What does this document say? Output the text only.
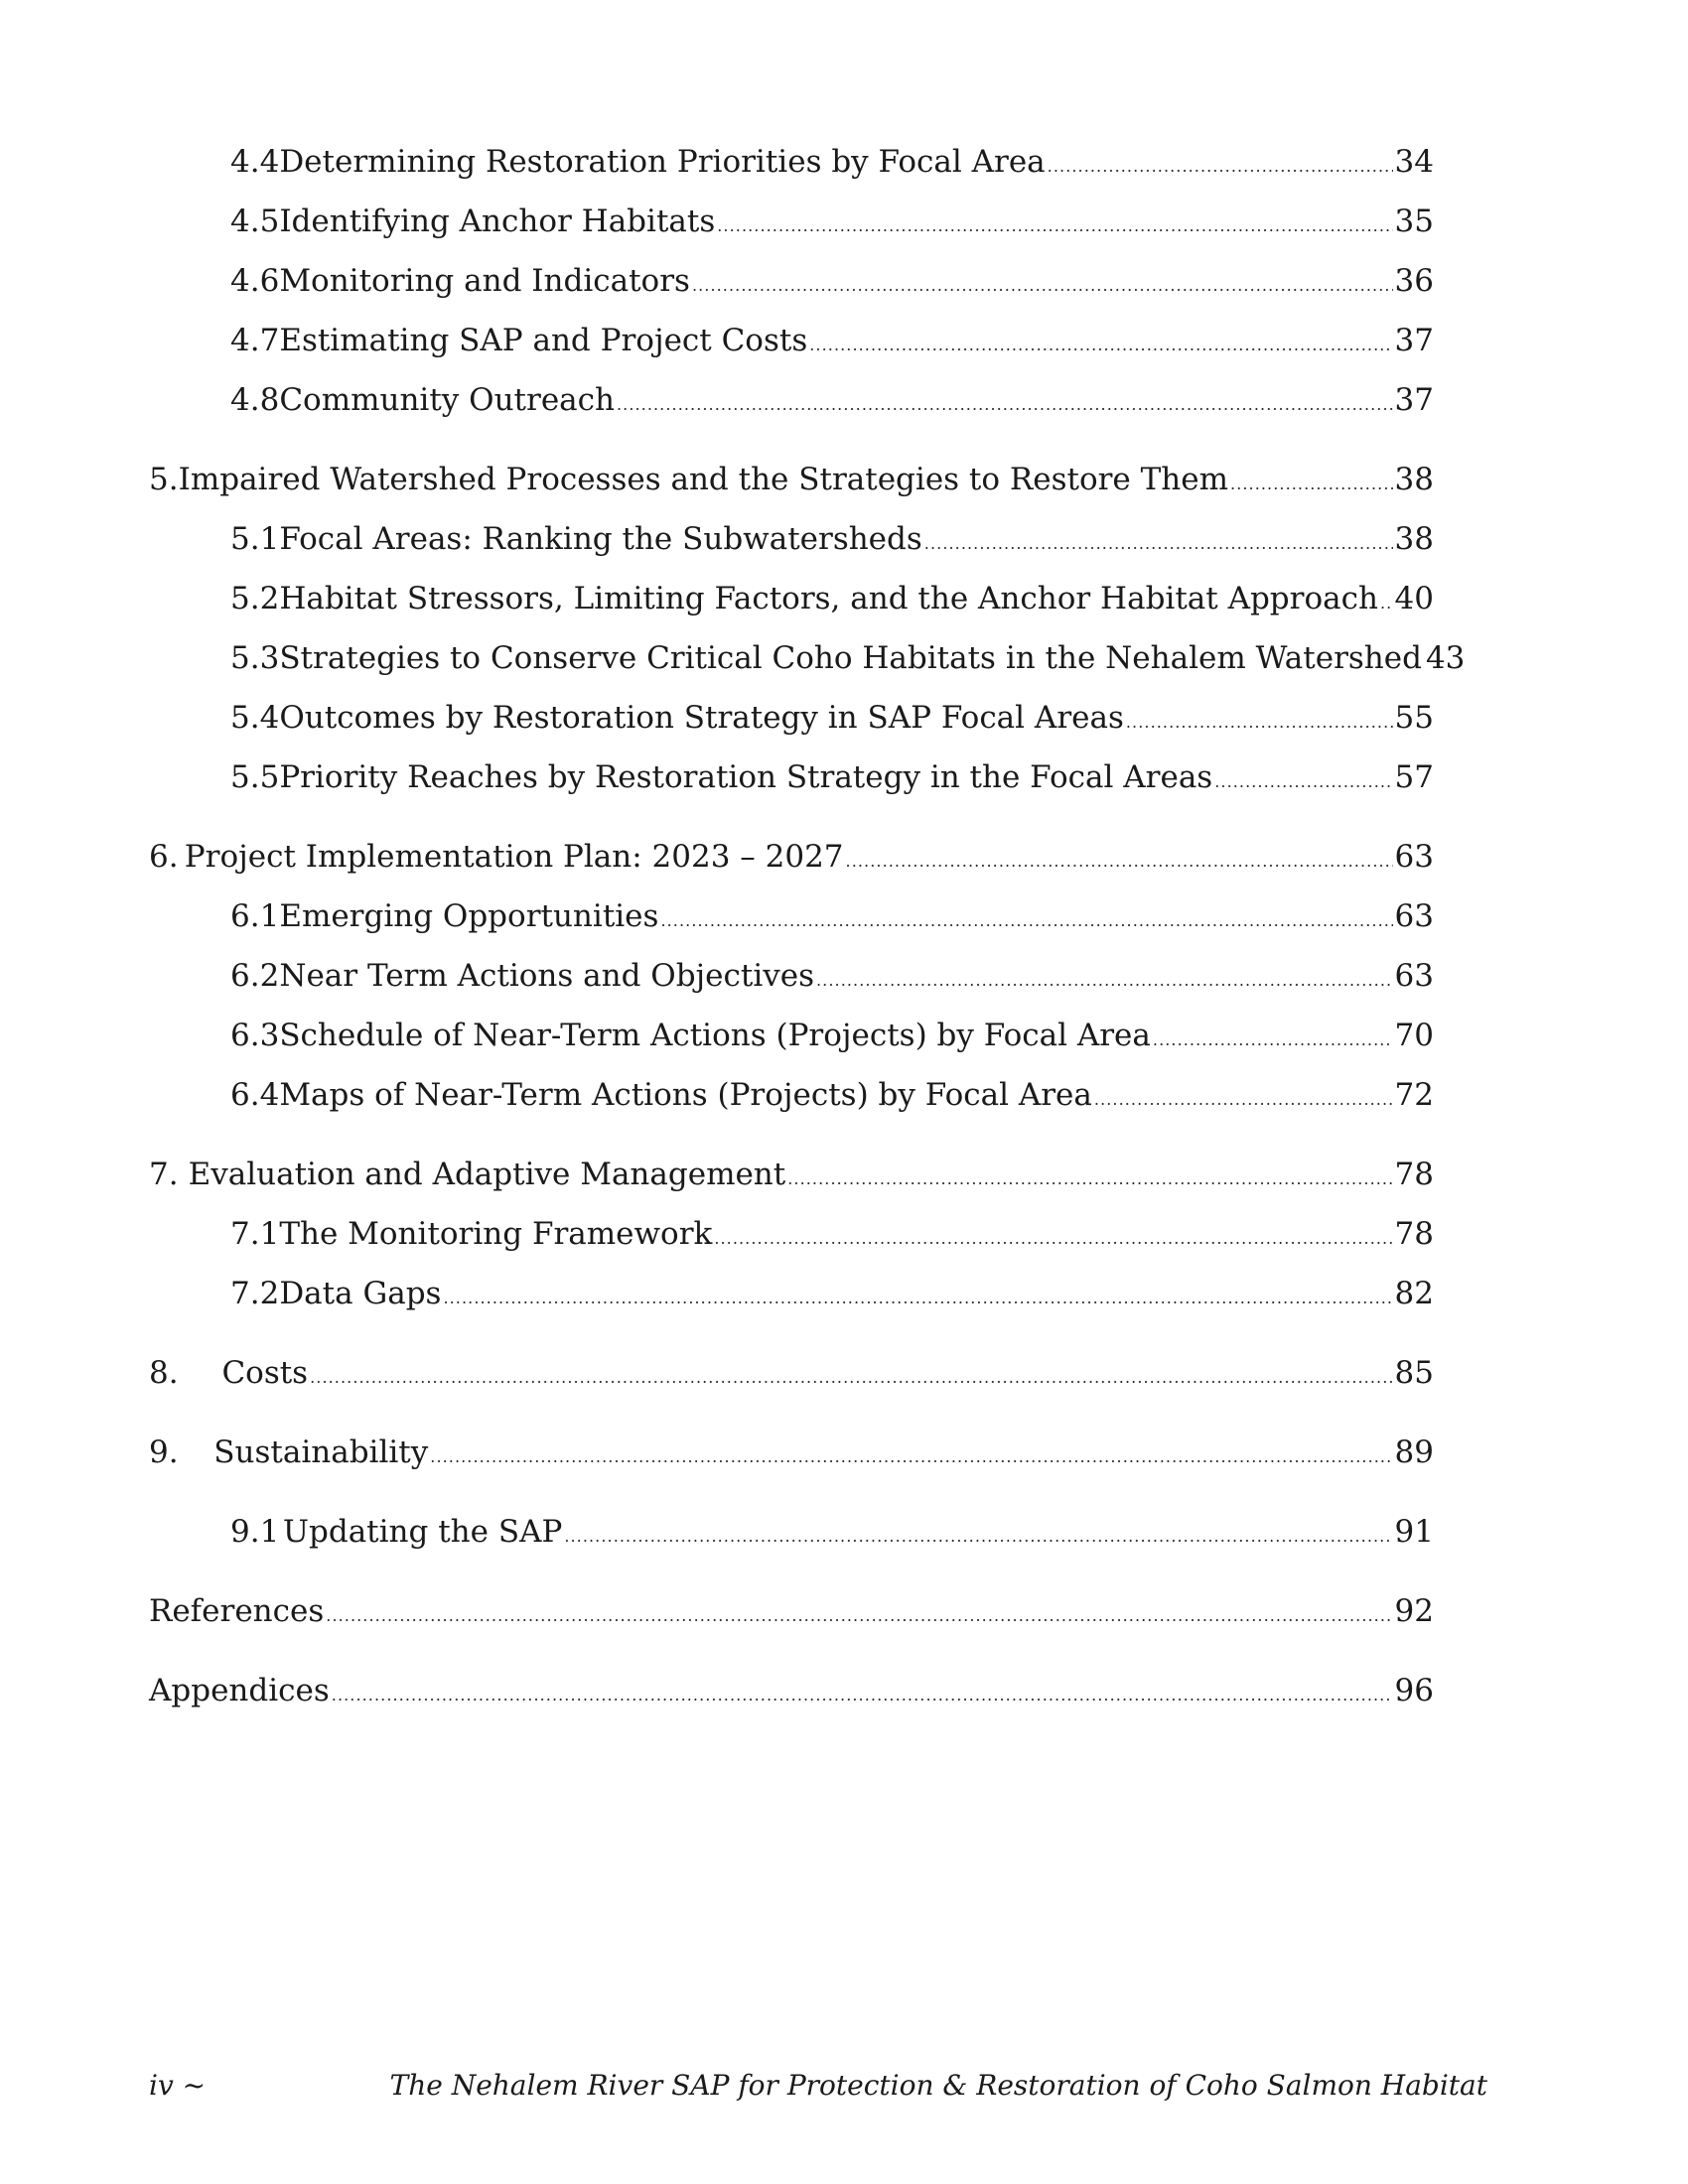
4.4 Determining Restoration Priorities by Focal Area . . .	34
4.5 Identifying Anchor Habitats . . .	35
4.6 Monitoring and Indicators . . .	36
4.7 Estimating SAP and Project Costs . . .	37
4.8 Community Outreach . . .	37
5. Impaired Watershed Processes and the Strategies to Restore Them . . .	38
5.1 Focal Areas: Ranking the Subwatersheds . . .	38
5.2 Habitat Stressors, Limiting Factors, and the Anchor Habitat Approach . . . 40
5.3 Strategies to Conserve Critical Coho Habitats in the Nehalem Watershed 43
5.4 Outcomes by Restoration Strategy in SAP Focal Areas . . .	55
5.5 Priority Reaches by Restoration Strategy in the Focal Areas . . .	57
6. Project Implementation Plan: 2023 – 2027 . . .	63
6.1 Emerging Opportunities . . .	63
6.2 Near Term Actions and Objectives . . .	63
6.3 Schedule of Near-Term Actions (Projects) by Focal Area . . .	70
6.4 Maps of Near-Term Actions (Projects) by Focal Area . . .	72
7. Evaluation and Adaptive Management . . .	78
7.1 The Monitoring Framework . . .	78
7.2 Data Gaps . . .	82
8.	Costs . . .	85
9.	Sustainability . . .	89
9.1 Updating the SAP . . .	91
References . . .	92
Appendices . . .	96
iv ~	The Nehalem River SAP for Protection & Restoration of Coho Salmon Habitat
